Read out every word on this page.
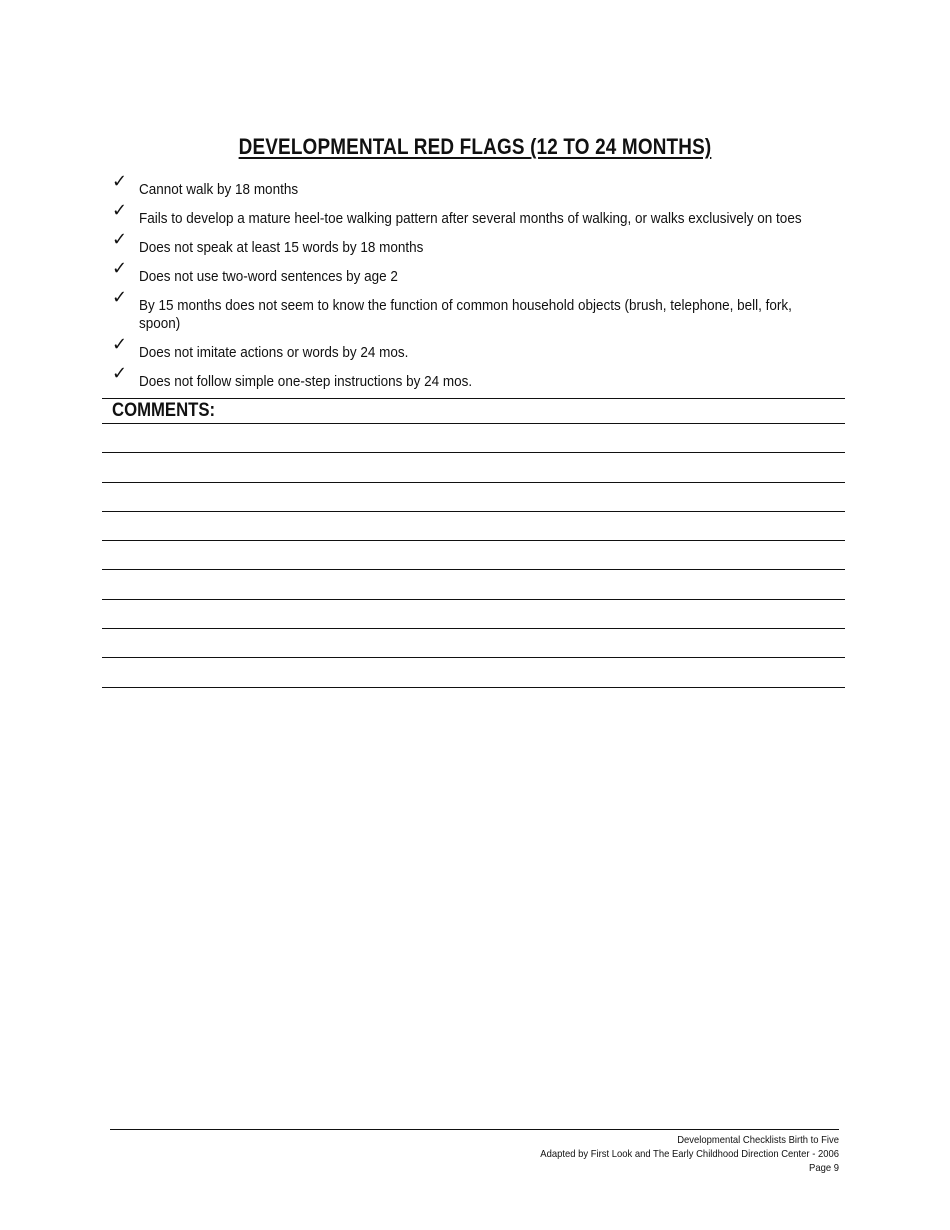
DEVELOPMENTAL RED FLAGS (12 TO 24 MONTHS)
✓ Cannot walk by 18 months
✓ Fails to develop a mature heel-toe walking pattern after several months of walking, or walks exclusively on toes
✓ Does not speak at least 15 words by 18 months
✓ Does not use two-word sentences by age 2
✓ By 15 months does not seem to know the function of common household objects (brush, telephone, bell, fork, spoon)
✓ Does not imitate actions or words by 24 mos.
✓ Does not follow simple one-step instructions by 24 mos.
COMMENTS:
Developmental Checklists Birth to Five
Adapted by First Look and The Early Childhood Direction Center - 2006
Page 9
